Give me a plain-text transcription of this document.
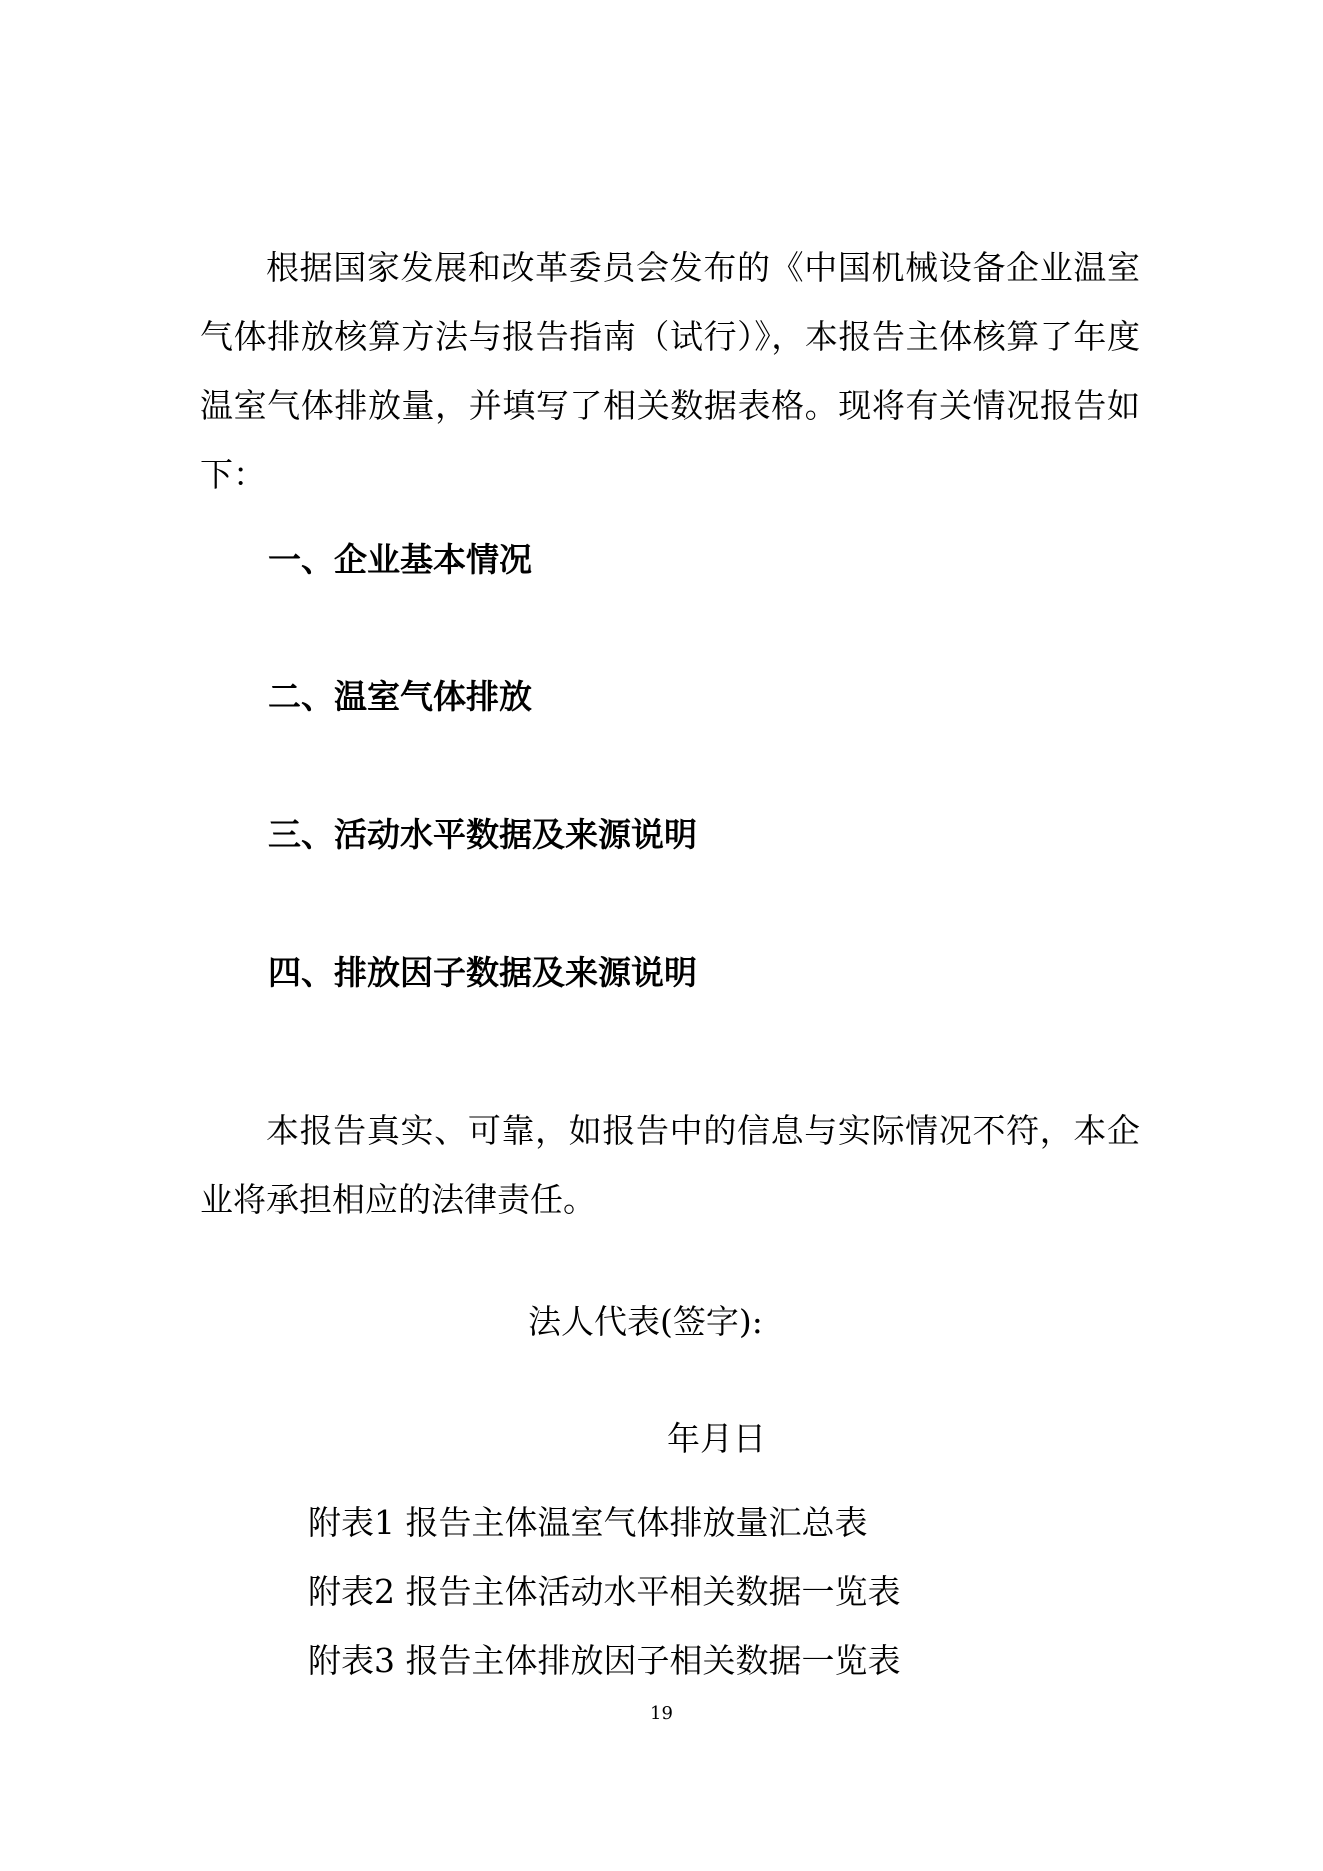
根据国家发展和改革委员会发布的《中国机械设备企业温室气体排放核算方法与报告指南（试行）》，本报告主体核算了年度温室气体排放量，并填写了相关数据表格。现将有关情况报告如下：

一、企业基本情况
二、温室气体排放
三、活动水平数据及来源说明
四、排放因子数据及来源说明

本报告真实、可靠，如报告中的信息与实际情况不符，本企业将承担相应的法律责任。

法人代表(签字):
年月日
附表1 报告主体温室气体排放量汇总表
附表2 报告主体活动水平相关数据一览表
附表3 报告主体排放因子相关数据一览表
19
